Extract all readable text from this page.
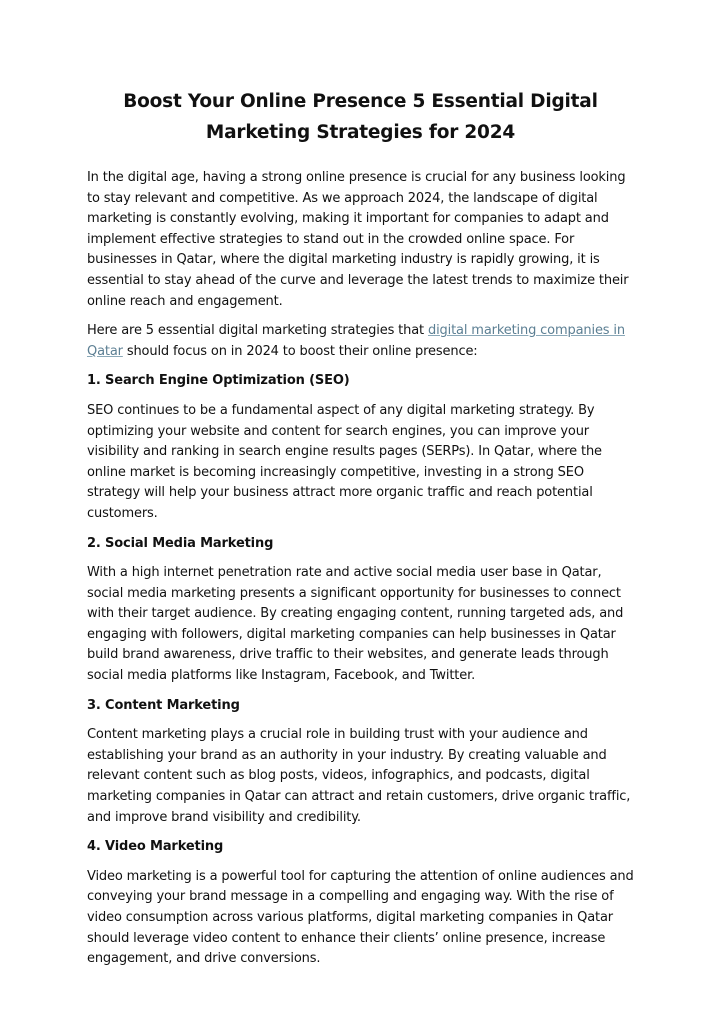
Boost Your Online Presence 5 Essential Digital Marketing Strategies for 2024

In the digital age, having a strong online presence is crucial for any business looking to stay relevant and competitive. As we approach 2024, the landscape of digital marketing is constantly evolving, making it important for companies to adapt and implement effective strategies to stand out in the crowded online space. For businesses in Qatar, where the digital marketing industry is rapidly growing, it is essential to stay ahead of the curve and leverage the latest trends to maximize their online reach and engagement.

Here are 5 essential digital marketing strategies that digital marketing companies in Qatar should focus on in 2024 to boost their online presence:

1. Search Engine Optimization (SEO)

SEO continues to be a fundamental aspect of any digital marketing strategy. By optimizing your website and content for search engines, you can improve your visibility and ranking in search engine results pages (SERPs). In Qatar, where the online market is becoming increasingly competitive, investing in a strong SEO strategy will help your business attract more organic traffic and reach potential customers.

2. Social Media Marketing

With a high internet penetration rate and active social media user base in Qatar, social media marketing presents a significant opportunity for businesses to connect with their target audience. By creating engaging content, running targeted ads, and engaging with followers, digital marketing companies can help businesses in Qatar build brand awareness, drive traffic to their websites, and generate leads through social media platforms like Instagram, Facebook, and Twitter.

3. Content Marketing

Content marketing plays a crucial role in building trust with your audience and establishing your brand as an authority in your industry. By creating valuable and relevant content such as blog posts, videos, infographics, and podcasts, digital marketing companies in Qatar can attract and retain customers, drive organic traffic, and improve brand visibility and credibility.

4. Video Marketing

Video marketing is a powerful tool for capturing the attention of online audiences and conveying your brand message in a compelling and engaging way. With the rise of video consumption across various platforms, digital marketing companies in Qatar should leverage video content to enhance their clients’ online presence, increase engagement, and drive conversions.
